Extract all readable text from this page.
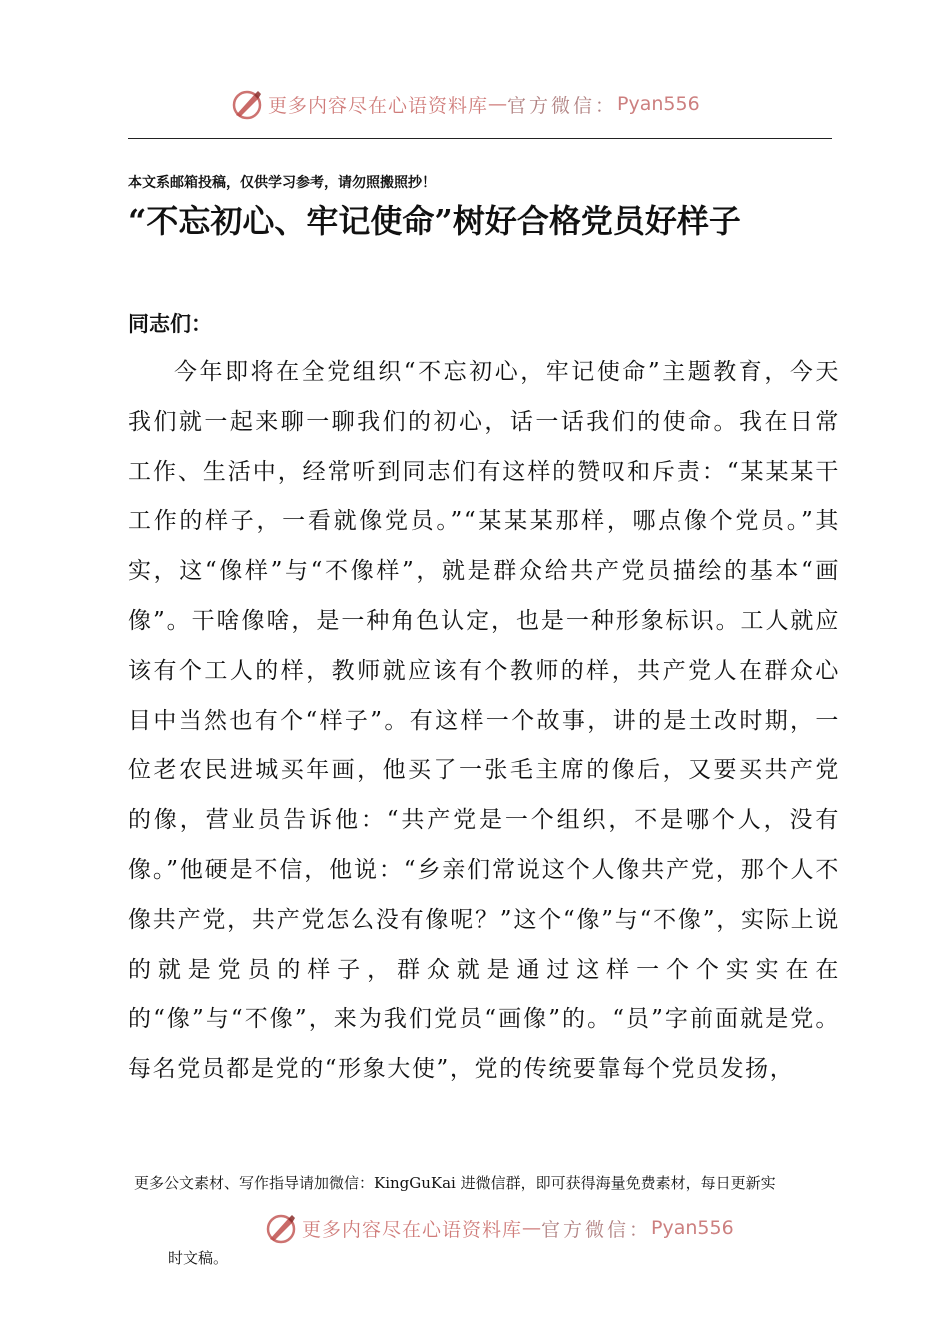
更多内容尽在心语资料库 — 官方微信： Pyan556
本文系邮箱投稿，仅供学习参考，请勿照搬照抄！
“不忘初心、牢记使命”树好合格党员好样子
同志们：

今年即将在全党组织“不忘初心，牢记使命”主题教育，今天我们就一起来聊一聊我们的初心，话一话我们的使命。我在日常工作、生活中，经常听到同志们有这样的赞叹和斥责：“某某某干工作的样子，一看就像党员。”“某某某那样，哪点像个党员。”其实，这“像样”与“不像样”，就是群众给共产党员描绘的基本“画像”。干啥像啥，是一种角色认定，也是一种形象标识。工人就应该有个工人的样，教师就应该有个教师的样，共产党人在群众心目中当然也有个“样子”。有这样一个故事，讲的是土改时期，一位老农民进城买年画，他买了一张毛主席的像后，又要买共产党的像，营业员告诉他：“共产党是一个组织，不是哪个人，没有像。”他硬是不信，他说：“乡亲们常说这个人像共产党，那个人不像共产党，共产党怎么没有像呢？”这个“像”与“不像”，实际上说的就是党员的样子，群众就是通过这样一个个实实在在的“像”与“不像”，来为我们党员“画像”的。“员”字前面就是党。每名党员都是党的“形象大使”，党的传统要靠每个党员发扬，

更多公文素材、写作指导请加微信：KingGuKai 进微信群，即可获得海量免费素材，每日更新实
更多内容尽在心语资料库 — 官方微信： Pyan556
时文稿。
